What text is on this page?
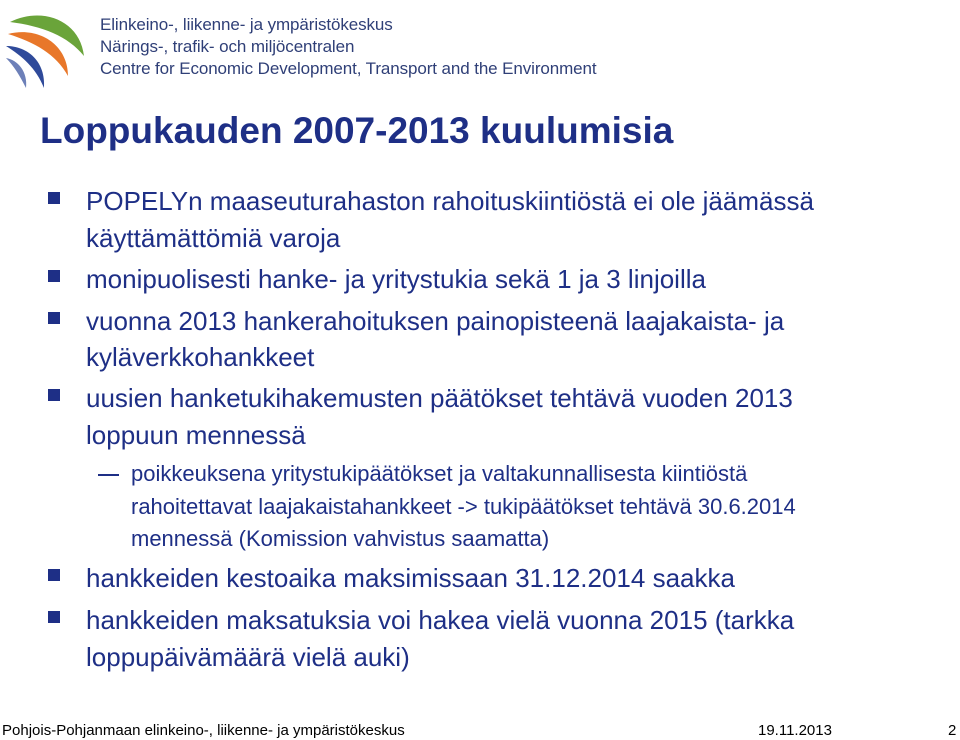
Elinkeino-, liikenne- ja ympäristökeskus
Närings-, trafik- och miljöcentralen
Centre for Economic Development, Transport and the Environment
Loppukauden 2007-2013 kuulumisia
POPELYn maaseuturahaston rahoituskiintiöstä ei ole jäämässä
käyttämättömiä varoja
monipuolisesti hanke- ja yritystukia sekä 1 ja 3 linjoilla
vuonna 2013 hankerahoituksen painopisteenä laajakaista- ja
kyläverkkohankkeet
uusien hanketukihakemusten päätökset tehtävä vuoden 2013
loppuun mennessä
poikkeuksena yritystukipäätökset ja valtakunnallisesta kiintiöstä
rahoitettavat laajakaistahankkeet -> tukipäätökset tehtävä 30.6.2014
mennessä (Komission vahvistus saamatta)
hankkeiden kestoaika maksimissaan 31.12.2014 saakka
hankkeiden maksatuksia voi hakea vielä vuonna 2015 (tarkka
loppupäivämäärä vielä auki)
Pohjois-Pohjanmaan elinkeino-, liikenne- ja ympäristökeskus	19.11.2013	2
